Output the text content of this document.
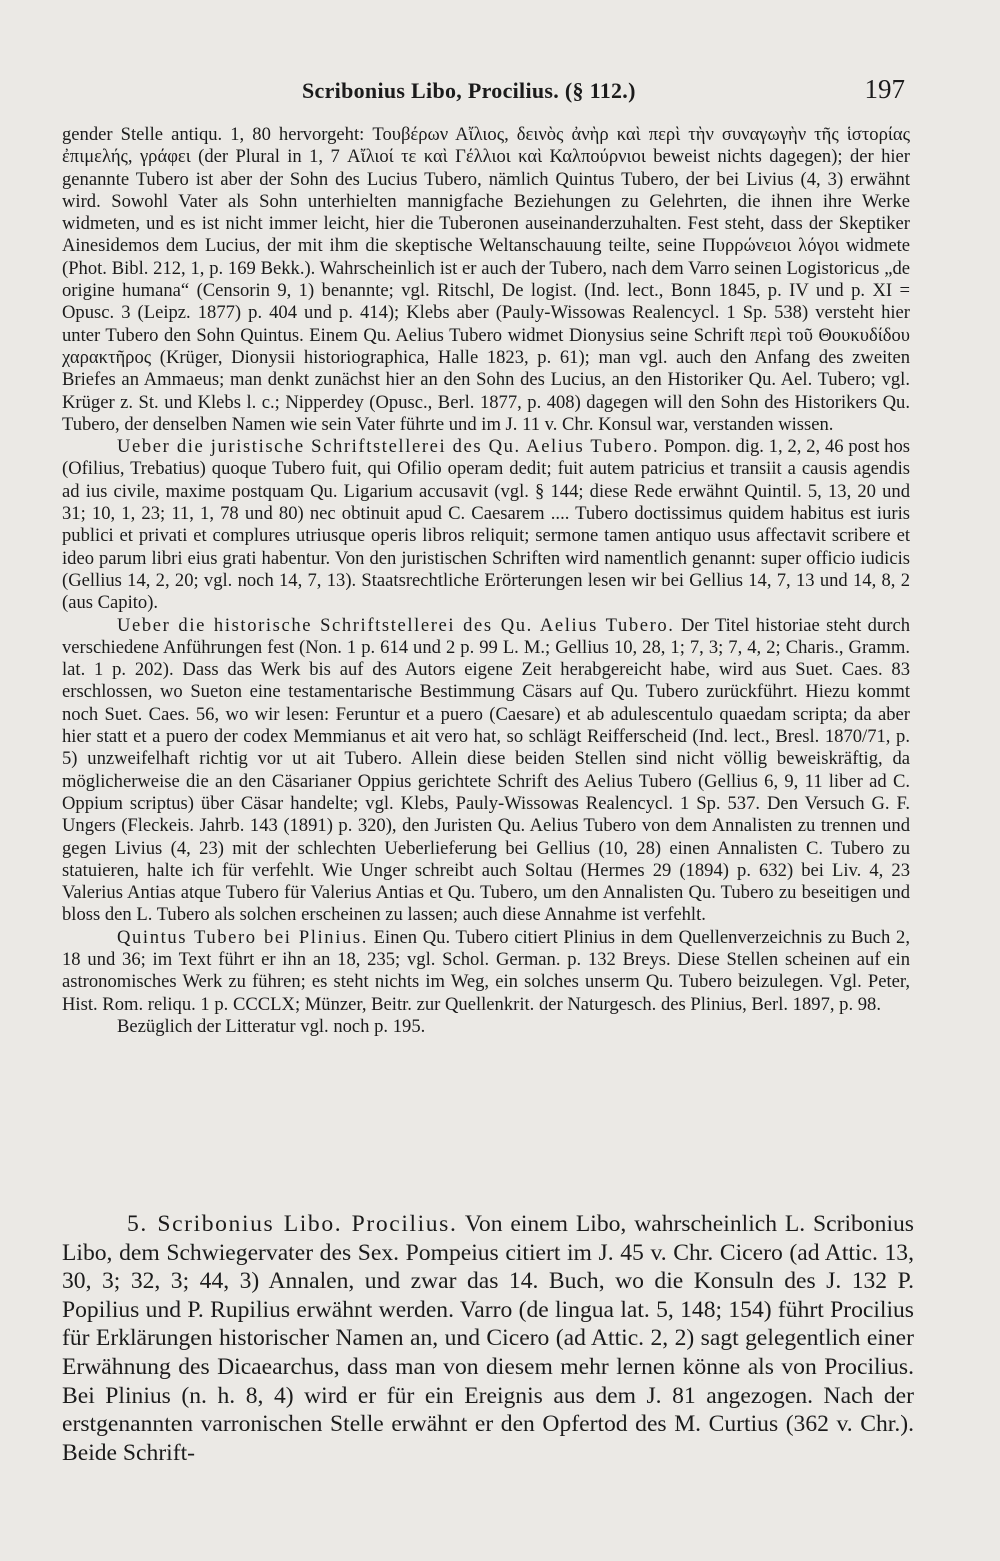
Scribonius Libo, Procilius. (§ 112.)	197

gender Stelle antiqu. 1, 80 hervorgeht: Τουβέρων Αἴλιος, δεινὸς ἀνὴρ καὶ περὶ τὴν συναγωγὴν τῆς ἱστορίας ἐπιμελής, γράφει (der Plural in 1, 7 Αἴλιοί τε καὶ Γέλλιοι καὶ Καλπούρνιοι beweist nichts dagegen); der hier genannte Tubero ist aber der Sohn des Lucius Tubero, nämlich Quintus Tubero, der bei Livius (4, 3) erwähnt wird. Sowohl Vater als Sohn unterhielten mannigfache Beziehungen zu Gelehrten, die ihnen ihre Werke widmeten, und es ist nicht immer leicht, hier die Tuberonen auseinanderzuhalten. Fest steht, dass der Skeptiker Ainesidemos dem Lucius, der mit ihm die skeptische Weltanschauung teilte, seine Πυρρώνειοι λόγοι widmete (Phot. Bibl. 212, 1, p. 169 Bekk.). Wahrscheinlich ist er auch der Tubero, nach dem Varro seinen Logistoricus „de origine humana“ (Censorin 9, 1) benannte; vgl. Ritschl, De logist. (Ind. lect., Bonn 1845, p. IV und p. XI = Opusc. 3 (Leipz. 1877) p. 404 und p. 414); Klebs aber (Pauly-Wissowas Realencycl. 1 Sp. 538) versteht hier unter Tubero den Sohn Quintus. Einem Qu. Aelius Tubero widmet Dionysius seine Schrift περὶ τοῦ Θουκυδίδου χαρακτῆρος (Krüger, Dionysii historiographica, Halle 1823, p. 61); man vgl. auch den Anfang des zweiten Briefes an Ammaeus; man denkt zunächst hier an den Sohn des Lucius, an den Historiker Qu. Ael. Tubero; vgl. Krüger z. St. und Klebs l. c.; Nipperdey (Opusc., Berl. 1877, p. 408) dagegen will den Sohn des Historikers Qu. Tubero, der denselben Namen wie sein Vater führte und im J. 11 v. Chr. Konsul war, verstanden wissen.

Ueber die juristische Schriftstellerei des Qu. Aelius Tubero. Pompon. dig. 1, 2, 2, 46 post hos (Ofilius, Trebatius) quoque Tubero fuit, qui Ofilio operam dedit; fuit autem patricius et transiit a causis agendis ad ius civile, maxime postquam Qu. Ligarium accusavit (vgl. § 144; diese Rede erwähnt Quintil. 5, 13, 20 und 31; 10, 1, 23; 11, 1, 78 und 80) nec obtinuit apud C. Caesarem .... Tubero doctissimus quidem habitus est iuris publici et privati et complures utriusque operis libros reliquit; sermone tamen antiquo usus affectavit scribere et ideo parum libri eius grati habentur. Von den juristischen Schriften wird namentlich genannt: super officio iudicis (Gellius 14, 2, 20; vgl. noch 14, 7, 13). Staatsrechtliche Erörterungen lesen wir bei Gellius 14, 7, 13 und 14, 8, 2 (aus Capito).

Ueber die historische Schriftstellerei des Qu. Aelius Tubero. Der Titel historiae steht durch verschiedene Anführungen fest (Non. 1 p. 614 und 2 p. 99 L. M.; Gellius 10, 28, 1; 7, 3; 7, 4, 2; Charis., Gramm. lat. 1 p. 202). Dass das Werk bis auf des Autors eigene Zeit herabgereicht habe, wird aus Suet. Caes. 83 erschlossen, wo Sueton eine testamentarische Bestimmung Cäsars auf Qu. Tubero zurückführt. Hiezu kommt noch Suet. Caes. 56, wo wir lesen: Feruntur et a puero (Caesare) et ab adulescentulo quaedam scripta; da aber hier statt et a puero der codex Memmianus et ait vero hat, so schlägt Reifferscheid (Ind. lect., Bresl. 1870/71, p. 5) unzweifelhaft richtig vor ut ait Tubero. Allein diese beiden Stellen sind nicht völlig beweiskräftig, da möglicherweise die an den Cäsarianer Oppius gerichtete Schrift des Aelius Tubero (Gellius 6, 9, 11 liber ad C. Oppium scriptus) über Cäsar handelte; vgl. Klebs, Pauly-Wissowas Realencycl. 1 Sp. 537. Den Versuch G. F. Ungers (Fleckeis. Jahrb. 143 (1891) p. 320), den Juristen Qu. Aelius Tubero von dem Annalisten zu trennen und gegen Livius (4, 23) mit der schlechten Ueberlieferung bei Gellius (10, 28) einen Annalisten C. Tubero zu statuieren, halte ich für verfehlt. Wie Unger schreibt auch Soltau (Hermes 29 (1894) p. 632) bei Liv. 4, 23 Valerius Antias atque Tubero für Valerius Antias et Qu. Tubero, um den Annalisten Qu. Tubero zu beseitigen und bloss den L. Tubero als solchen erscheinen zu lassen; auch diese Annahme ist verfehlt.

Quintus Tubero bei Plinius. Einen Qu. Tubero citiert Plinius in dem Quellenverzeichnis zu Buch 2, 18 und 36; im Text führt er ihn an 18, 235; vgl. Schol. German. p. 132 Breys. Diese Stellen scheinen auf ein astronomisches Werk zu führen; es steht nichts im Weg, ein solches unserm Qu. Tubero beizulegen. Vgl. Peter, Hist. Rom. reliqu. 1 p. CCCLX; Münzer, Beitr. zur Quellenkrit. der Naturgesch. des Plinius, Berl. 1897, p. 98.

Bezüglich der Litteratur vgl. noch p. 195.

5. Scribonius Libo. Procilius. Von einem Libo, wahrscheinlich L. Scribonius Libo, dem Schwiegervater des Sex. Pompeius citiert im J. 45 v. Chr. Cicero (ad Attic. 13, 30, 3; 32, 3; 44, 3) Annalen, und zwar das 14. Buch, wo die Konsuln des J. 132 P. Popilius und P. Rupilius erwähnt werden. Varro (de lingua lat. 5, 148; 154) führt Procilius für Erklärungen historischer Namen an, und Cicero (ad Attic. 2, 2) sagt gelegentlich einer Erwähnung des Dicaearchus, dass man von diesem mehr lernen könne als von Procilius. Bei Plinius (n. h. 8, 4) wird er für ein Ereignis aus dem J. 81 angezogen. Nach der erstgenannten varronischen Stelle erwähnt er den Opfertod des M. Curtius (362 v. Chr.). Beide Schrift-
